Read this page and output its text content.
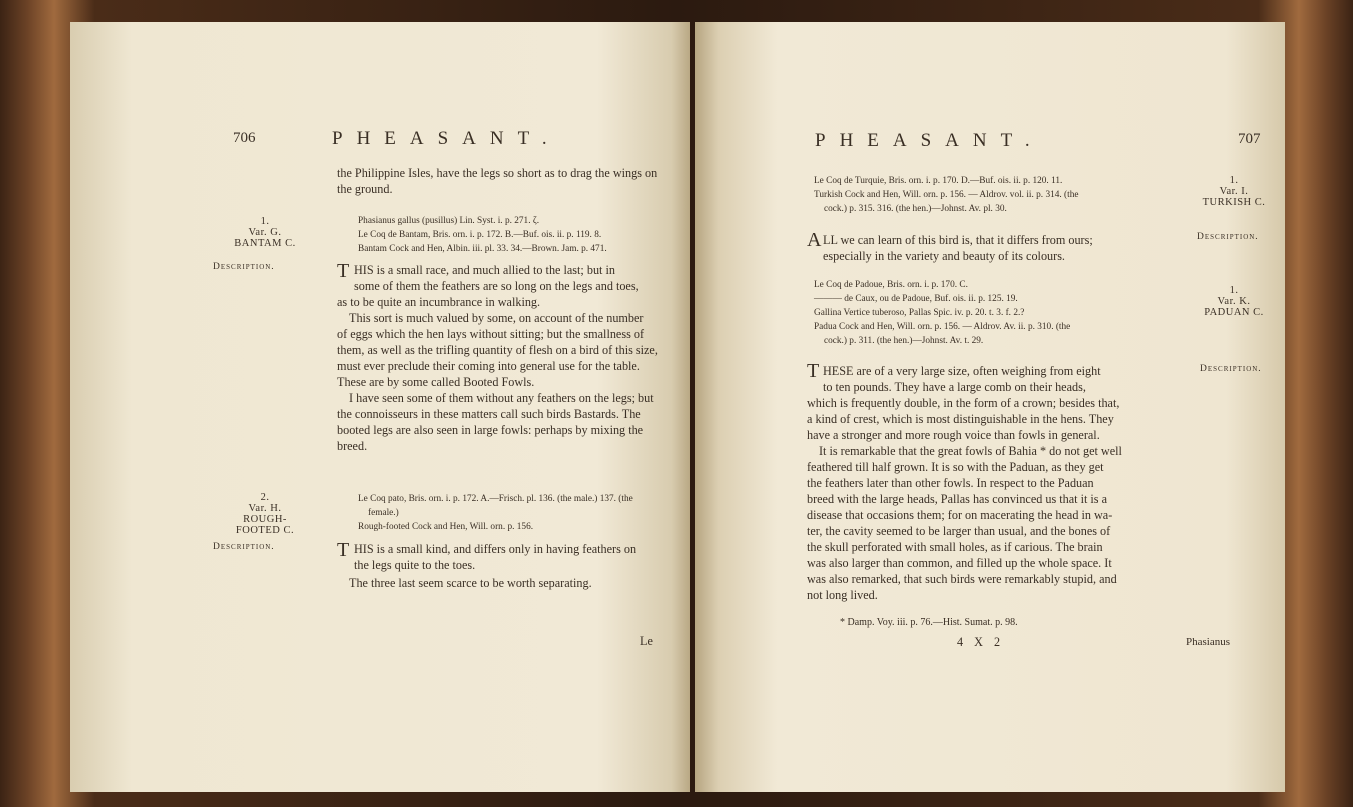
706	PHEASANT.
the Philippine Isles, have the legs so short as to drag the wings on
the ground.
1.
Var. G.
BANTAM C.
Phasianus gallus (pusillus) Lin. Syst. i. p. 271. ζ.
Le Coq de Bantam, Bris. orn. i. p. 172. B.—Buf. ois. ii. p. 119. 8.
Bantam Cock and Hen, Albin. iii. pl. 33. 34.—Brown. Jam. p. 471.
Description.	T HIS is a small race, and much allied to the last; but in
some of them the feathers are so long on the legs and toes,
as to be quite an incumbrance in walking.
This sort is much valued by some, on account of the number
of eggs which the hen lays without sitting; but the smallness of
them, as well as the trifling quantity of flesh on a bird of this size,
must ever preclude their coming into general use for the table.
These are by some called Booted Fowls.
I have seen some of them without any feathers on the legs; but
the connoisseurs in these matters call such birds Bastards. The
booted legs are also seen in large fowls: perhaps by mixing the
breed.
2.
Var. H.
ROUGH-
FOOTED C.
Le Coq pato, Bris. orn. i. p. 172. A.—Frisch. pl. 136. (the male.) 137. (the
female.)
Rough-footed Cock and Hen, Will. orn. p. 156.
Description.	T HIS is a small kind, and differs only in having feathers on
the legs quite to the toes.
The three last seem scarce to be worth separating.
Le
PHEASANT.	707
Le Coq de Turquie, Bris. orn. i. p. 170. D.—Buf. ois. ii. p. 120. 11.
Turkish Cock and Hen, Will. orn. p. 156. — Aldrov. vol. ii. p. 314. (the
cock.) p. 315. 316. (the hen.)—Johnst. Av. pl. 30.
1.
Var. I.
TURKISH C.
A LL we can learn of this bird is, that it differs from ours;
especially in the variety and beauty of its colours.
Description.
Le Coq de Padoue, Bris. orn. i. p. 170. C.
——— de Caux, ou de Padoue, Buf. ois. ii. p. 125. 19.
Gallina Vertice tuberoso, Pallas Spic. iv. p. 20. t. 3. f. 2.?
Padua Cock and Hen, Will. orn. p. 156. — Aldrov. Av. ii. p. 310. (the
cock.) p. 311. (the hen.)—Johnst. Av. t. 29.
1.
Var. K.
PADUAN C.
T HESE are of a very large size, often weighing from eight
to ten pounds. They have a large comb on their heads,
Description.
which is frequently double, in the form of a crown; besides that,
a kind of crest, which is most distinguishable in the hens. They
have a stronger and more rough voice than fowls in general.
It is remarkable that the great fowls of Bahia * do not get well
feathered till half grown. It is so with the Paduan, as they get
the feathers later than other fowls. In respect to the Paduan
breed with the large heads, Pallas has convinced us that it is a
disease that occasions them; for on macerating the head in wa-
ter, the cavity seemed to be larger than usual, and the bones of
the skull perforated with small holes, as if carious. The brain
was also larger than common, and filled up the whole space. It
was also remarked, that such birds were remarkably stupid, and
not long lived.
* Damp. Voy. iii. p. 76.—Hist. Sumat. p. 98.
4 X 2	Phasianus
